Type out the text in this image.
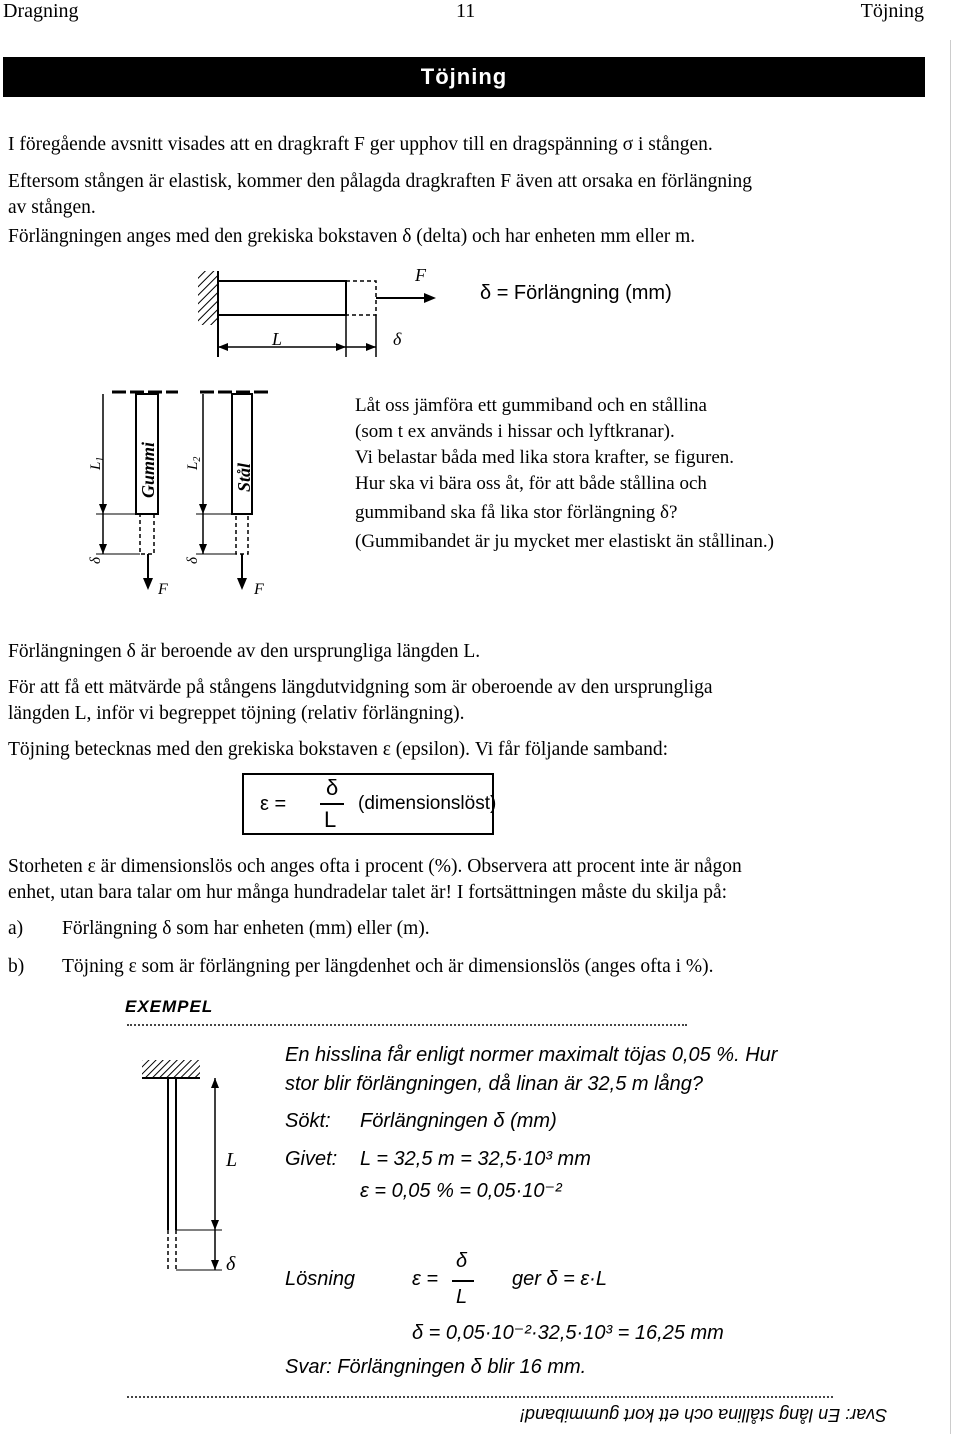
Dragning	11	Töjning
Töjning
I föregående avsnitt visades att en dragkraft F ger upphov till en dragspänning σ i stången.
Eftersom stången är elastisk, kommer den pålagda dragkraften F även att orsaka en förlängning
av stången.
Förlängningen anges med den grekiska bokstaven δ (delta) och har enheten mm eller m.
F
δ = Förlängning (mm)
L	δ
F
Gummi
$L_1$
δ
F
Stål
$L_2$
δ
Låt oss jämföra ett gummiband och en stållina
(som t ex används i hissar och lyftkranar).
Vi belastar båda med lika stora krafter, se figuren.
Hur ska vi bära oss åt, för att både stållina och
gummiband ska få lika stor förlängning δ?
(Gummibandet är ju mycket mer elastiskt än stållinan.)
Förlängningen δ är beroende av den ursprungliga längden L.
För att få ett mätvärde på stångens längdutvidgning som är oberoende av den ursprungliga
längden L, inför vi begreppet töjning (relativ förlängning).
Töjning betecknas med den grekiska bokstaven ε (epsilon). Vi får följande samband:
ε =
δ
L
(dimensionslöst)
Storheten ε är dimensionslös och anges ofta i procent (%). Observera att procent inte är någon
enhet, utan bara talar om hur många hundradelar talet är! I fortsättningen måste du skilja på:
a) Förlängning δ som har enheten (mm) eller (m).
b) Töjning ε som är förlängning per längdenhet och är dimensionslös (anges ofta i %).
EXEMPEL
L
δ
En hisslina får enligt normer maximalt töjas 0,05 %. Hur
stor blir förlängningen, då linan är 32,5 m lång?
Sökt: Förlängningen δ (mm)
Givet: L = 32,5 m = 32,5·10³ mm
ε = 0,05 % = 0,05·10⁻²
Lösning	ε =
δ
L
ger δ = ε·L
δ = 0,05·10⁻²·32,5·10³ = 16,25 mm
Svar: Förlängningen δ blir 16 mm.
Svar: En lång stållina och ett kort gummiband!
